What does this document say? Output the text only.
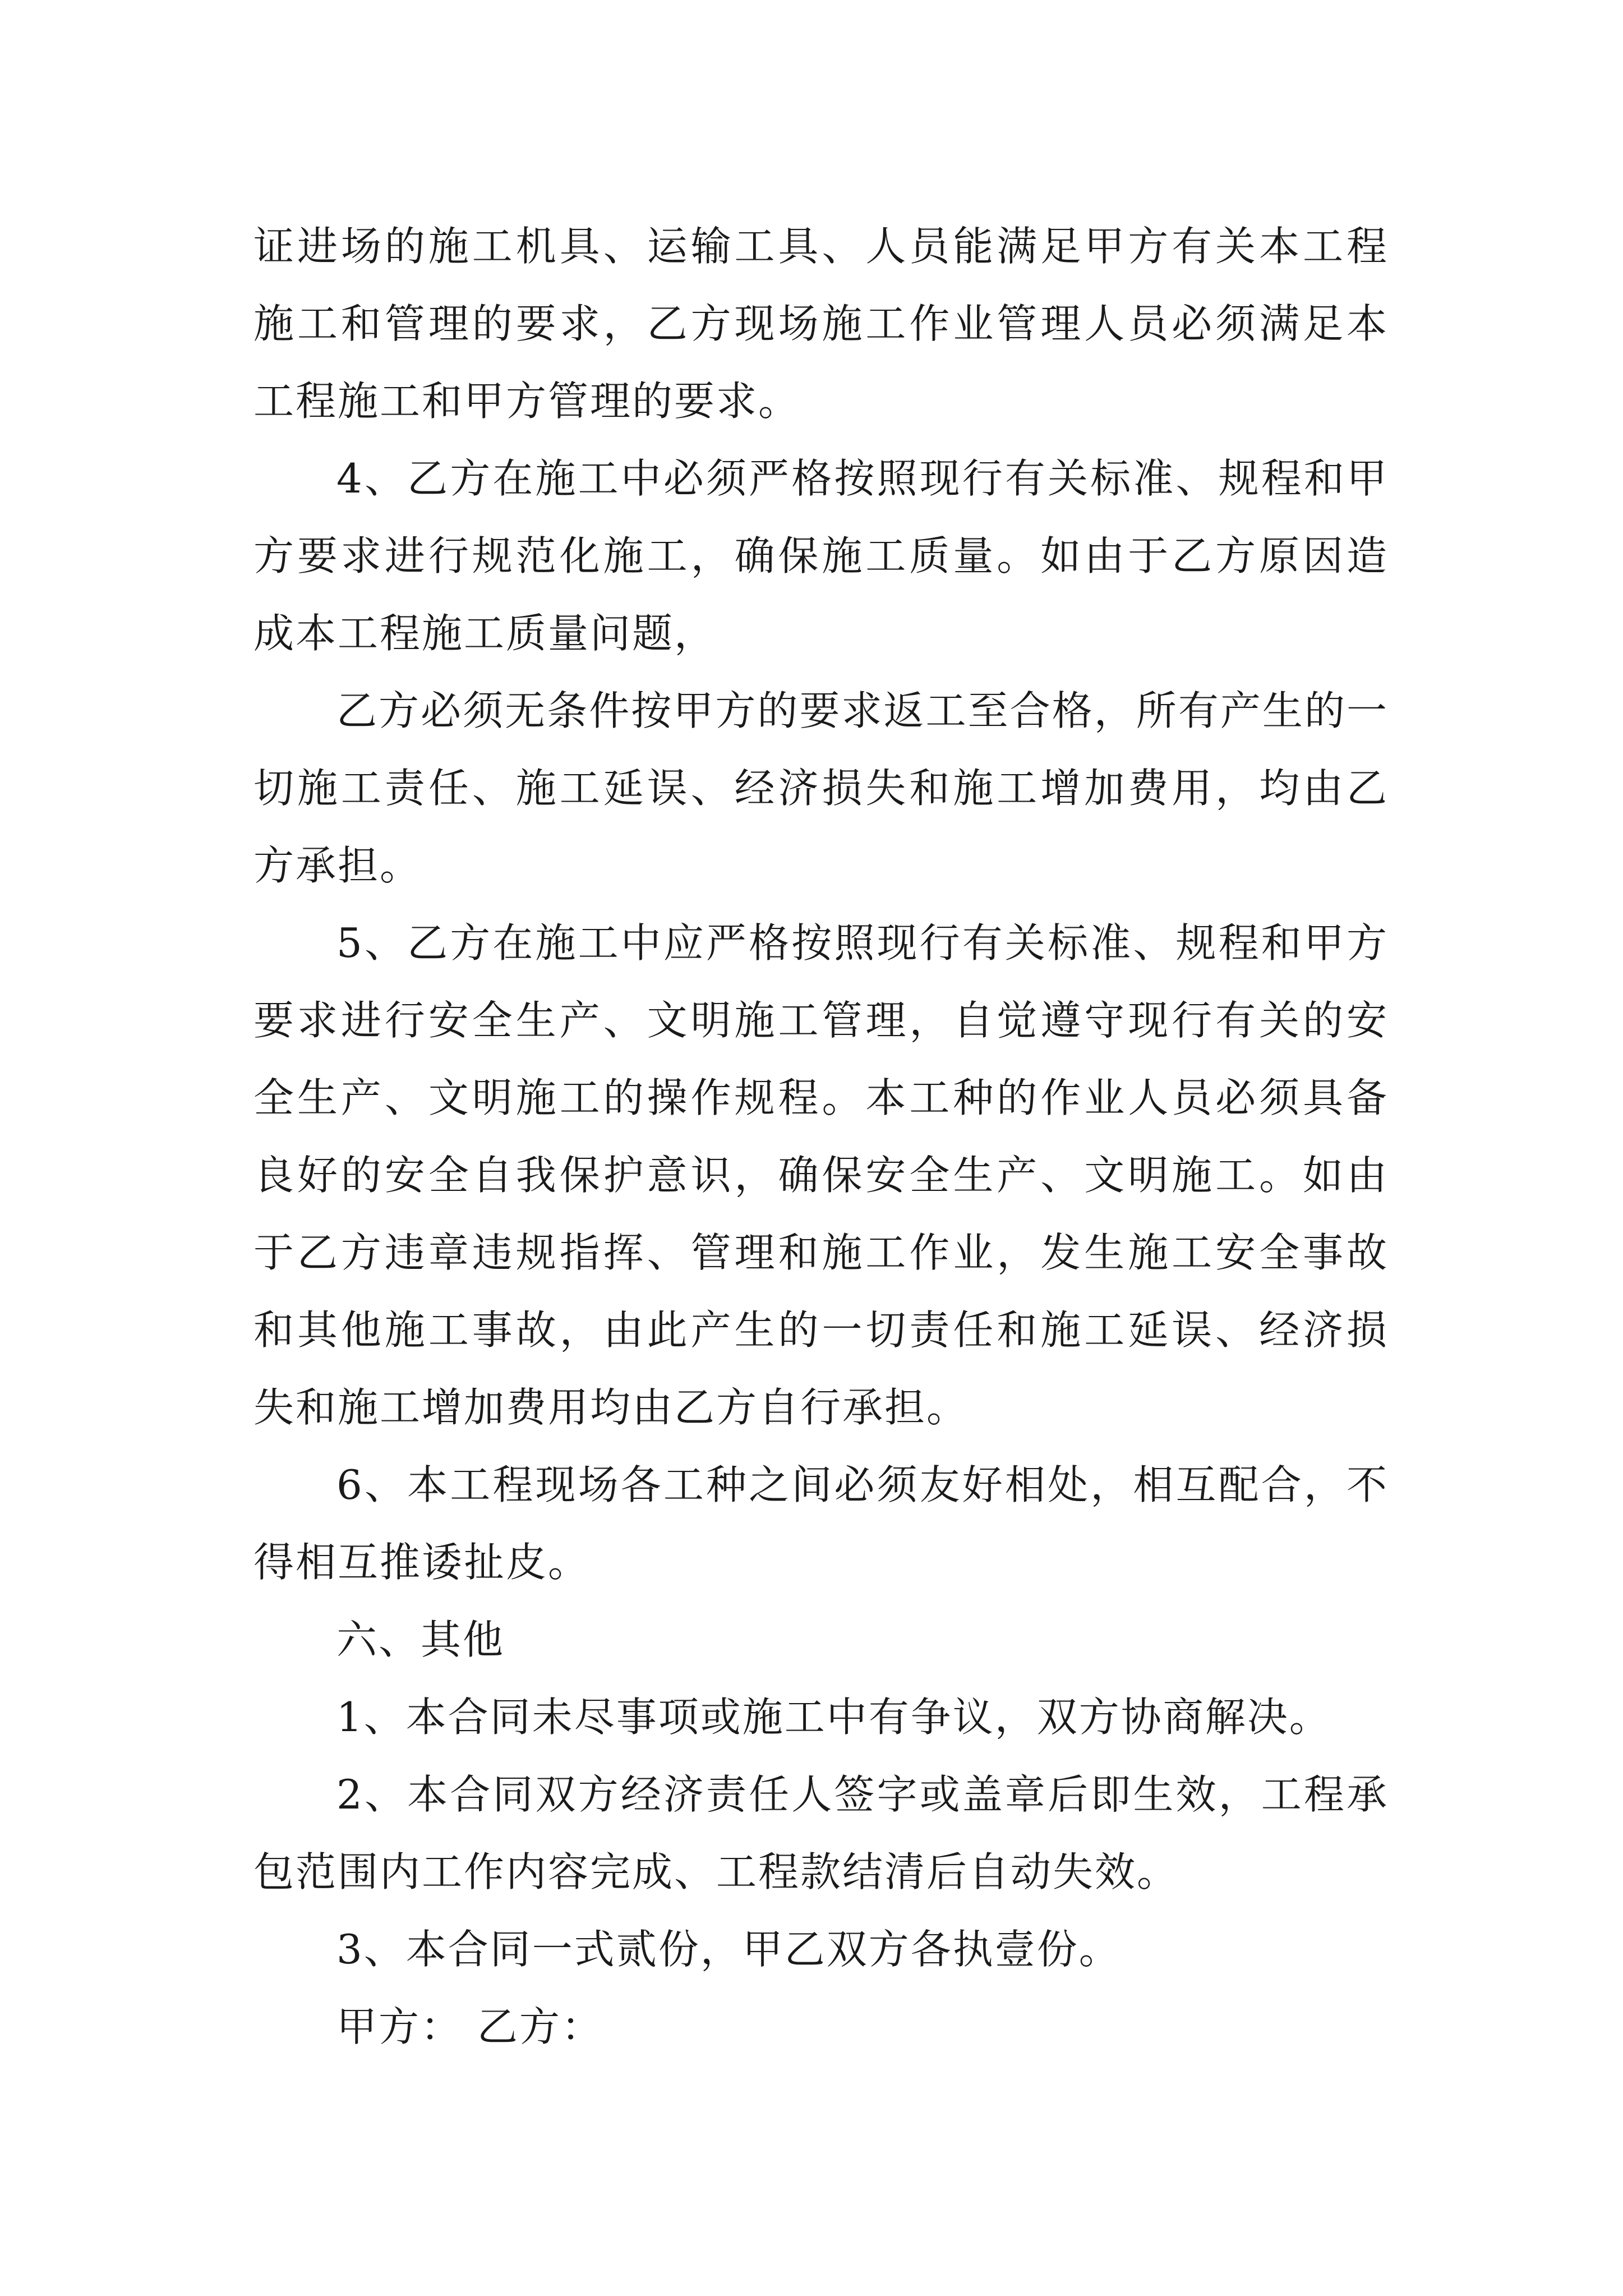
证进场的施工机具、运输工具、人员能满足甲方有关本工程施工和管理的要求，乙方现场施工作业管理人员必须满足本工程施工和甲方管理的要求。

4、乙方在施工中必须严格按照现行有关标准、规程和甲方要求进行规范化施工，确保施工质量。如由于乙方原因造成本工程施工质量问题，

乙方必须无条件按甲方的要求返工至合格，所有产生的一切施工责任、施工延误、经济损失和施工增加费用，均由乙方承担。

5、乙方在施工中应严格按照现行有关标准、规程和甲方要求进行安全生产、文明施工管理，自觉遵守现行有关的安全生产、文明施工的操作规程。本工种的作业人员必须具备良好的安全自我保护意识，确保安全生产、文明施工。如由于乙方违章违规指挥、管理和施工作业，发生施工安全事故和其他施工事故，由此产生的一切责任和施工延误、经济损失和施工增加费用均由乙方自行承担。

6、本工程现场各工种之间必须友好相处，相互配合，不得相互推诿扯皮。

六、其他

1、本合同未尽事项或施工中有争议，双方协商解决。

2、本合同双方经济责任人签字或盖章后即生效，工程承包范围内工作内容完成、工程款结清后自动失效。

3、本合同一式贰份，甲乙双方各执壹份。

甲方： 乙方：
